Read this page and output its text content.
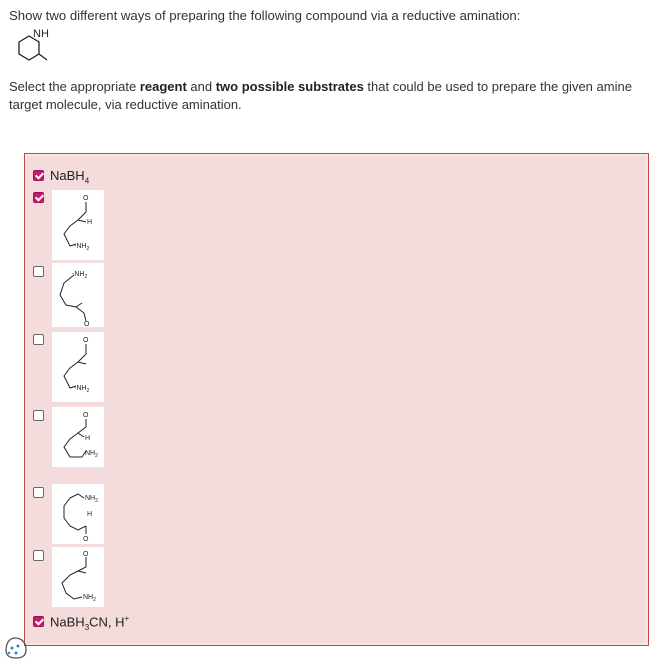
Show two different ways of preparing the following compound via a reductive amination:
NH
Select the appropriate reagent and two possible substrates that could be used to prepare the given amine target molecule, via reductive amination.
NaBH$_4$
O
H
$-NH_2$
$-NH_2$
O
O
$-NH_2$
O
H
$NH_2$
$NH_2$
H
O
O
$NH_2$
NaBH$_3$CN, H+
